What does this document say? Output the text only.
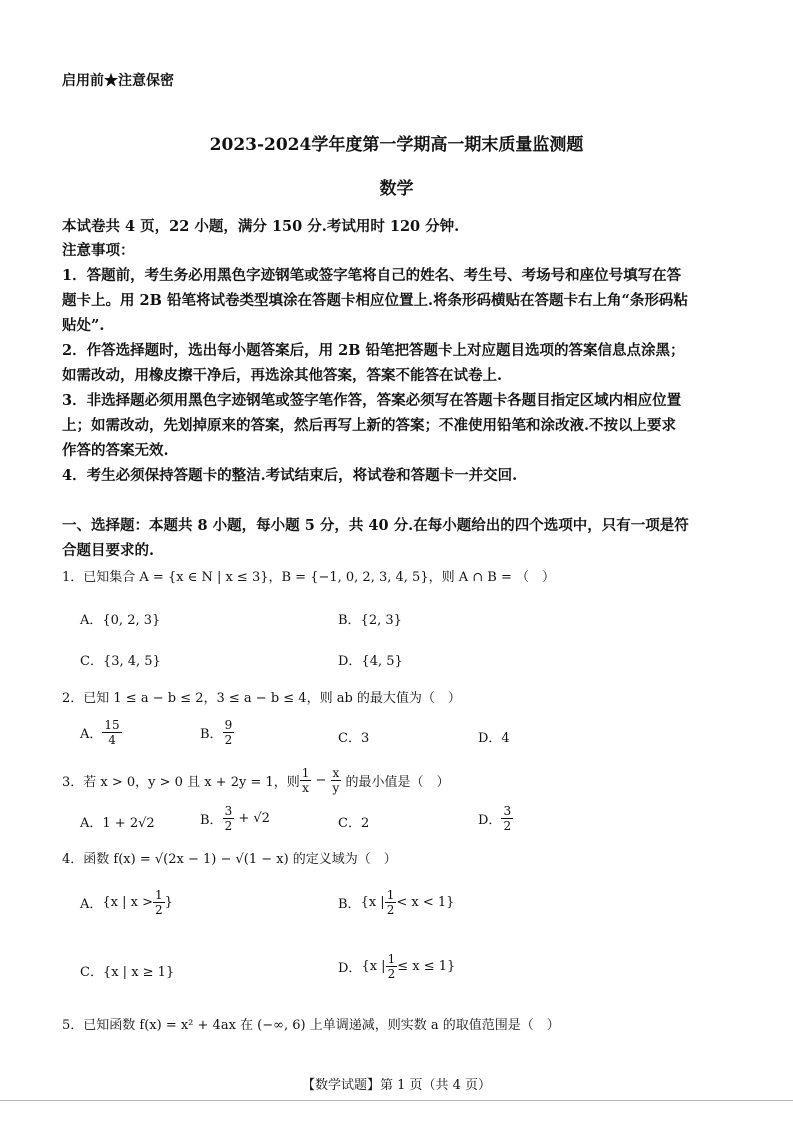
启用前★注意保密
2023-2024学年度第一学期高一期末质量监测题
数学
本试卷共 4 页，22 小题，满分 150 分.考试用时 120 分钟.
注意事项：
1．答题前，考生务必用黑色字迹钢笔或签字笔将自己的姓名、考生号、考场号和座位号填写在答
题卡上。用 2B 铅笔将试卷类型填涂在答题卡相应位置上.将条形码横贴在答题卡右上角“条形码粘
贴处”.
2．作答选择题时，选出每小题答案后，用 2B 铅笔把答题卡上对应题目选项的答案信息点涂黑；
如需改动，用橡皮擦干净后，再选涂其他答案，答案不能答在试卷上.
3．非选择题必须用黑色字迹钢笔或签字笔作答，答案必须写在答题卡各题目指定区域内相应位置
上；如需改动，先划掉原来的答案，然后再写上新的答案；不准使用铅笔和涂改液.不按以上要求
作答的答案无效.
4．考生必须保持答题卡的整洁.考试结束后，将试卷和答题卡一并交回.
一、选择题：本题共 8 小题，每小题 5 分，共 40 分.在每小题给出的四个选项中，只有一项是符
合题目要求的.
1．已知集合 A = {x ∈ N | x ≤ 3}，B = {−1, 0, 2, 3, 4, 5}，则 A ∩ B = （　）
A．{0, 2, 3}	B．{2, 3}
C．{3, 4, 5}	D．{4, 5}
2．已知 1 ≤ a − b ≤ 2，3 ≤ a − b ≤ 4，则 ab 的最大值为（　）
A． $\frac{15}{4}$	B． $\frac{9}{2}$	C．3	D．4
3．若 x > 0，y > 0 且 x + 2y = 1，则 $\frac{1}{x} - \frac{x}{y}$ 的最小值是（　）
A．1 + 2√2	B． $\frac{3}{2} + √2$	C．2	D． $\frac{3}{2}$
4．函数 f(x) = √(2x − 1) − √(1 − x) 的定义域为（　）
A．{x | $x > \frac{1}{2}$ }	B．{x | $\frac{1}{2} < x < 1$}
C．{x | x ≥ 1}	D．{x | $\frac{1}{2} \le x \le 1$}
5．已知函数 f(x) = x² + 4ax 在 (−∞, 6) 上单调递减，则实数 a 的取值范围是（　）
【数学试题】第 1 页（共 4 页）
